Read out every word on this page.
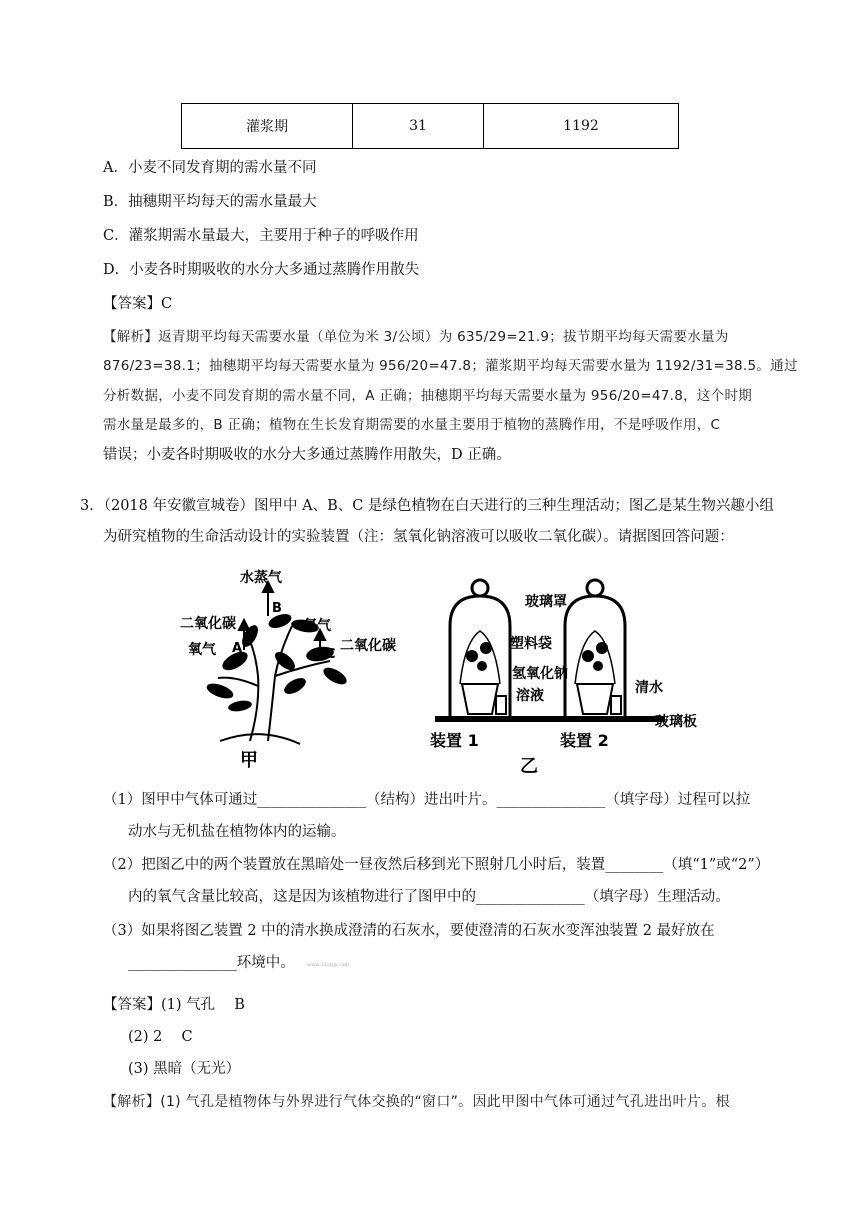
灌浆期	31	1192
A．小麦不同发育期的需水量不同
B．抽穗期平均每天的需水量最大
C．灌浆期需水量最大，主要用于种子的呼吸作用
D．小麦各时期吸收的水分大多通过蒸腾作用散失
【答案】C
【解析】返青期平均每天需要水量（单位为米 3/公顷）为 635/29=21.9；拔节期平均每天需要水量为
876/23=38.1；抽穗期平均每天需要水量为 956/20=47.8；灌浆期平均每天需要水量为 1192/31=38.5。通过
分析数据，小麦不同发育期的需水量不同，A 正确；抽穗期平均每天需要水量为 956/20=47.8，这个时期
需水量是最多的，B 正确；植物在生长发育期需要的水量主要用于植物的蒸腾作用，不是呼吸作用，C
错误；小麦各时期吸收的水分大多通过蒸腾作用散失，D 正确。
3．（2018 年安徽宣城卷）图甲中 A、B、C 是绿色植物在白天进行的三种生理活动；图乙是某生物兴趣小组
为研究植物的生命活动设计的实验装置（注：氢氧化钠溶液可以吸收二氧化碳）。请据图回答问题：
水蒸气
B
二氧化碳
A
氧气
氧气
C
二氧化碳
甲
玻璃罩
塑料袋
氢氧化钠
溶液	清水
玻璃板
装置 1	装置 2
乙
（1）图甲中气体可通过_______________（结构）进出叶片。_______________（填字母）过程可以拉
动水与无机盐在植物体内的运输。
（2）把图乙中的两个装置放在黑暗处一昼夜然后移到光下照射几小时后，装置________（填“1”或“2”）
内的氧气含量比较高，这是因为该植物进行了图甲中的_______________（填字母）生理活动。
（3）如果将图乙装置 2 中的清水换成澄清的石灰水，要使澄清的石灰水变浑浊装置 2 最好放在
_______________环境中。 www.21cnjy.com
【答案】(1) 气孔　 B
(2) 2　 C
(3) 黑暗（无光）
【解析】(1) 气孔是植物体与外界进行气体交换的“窗口”。因此甲图中气体可通过气孔进出叶片。根
